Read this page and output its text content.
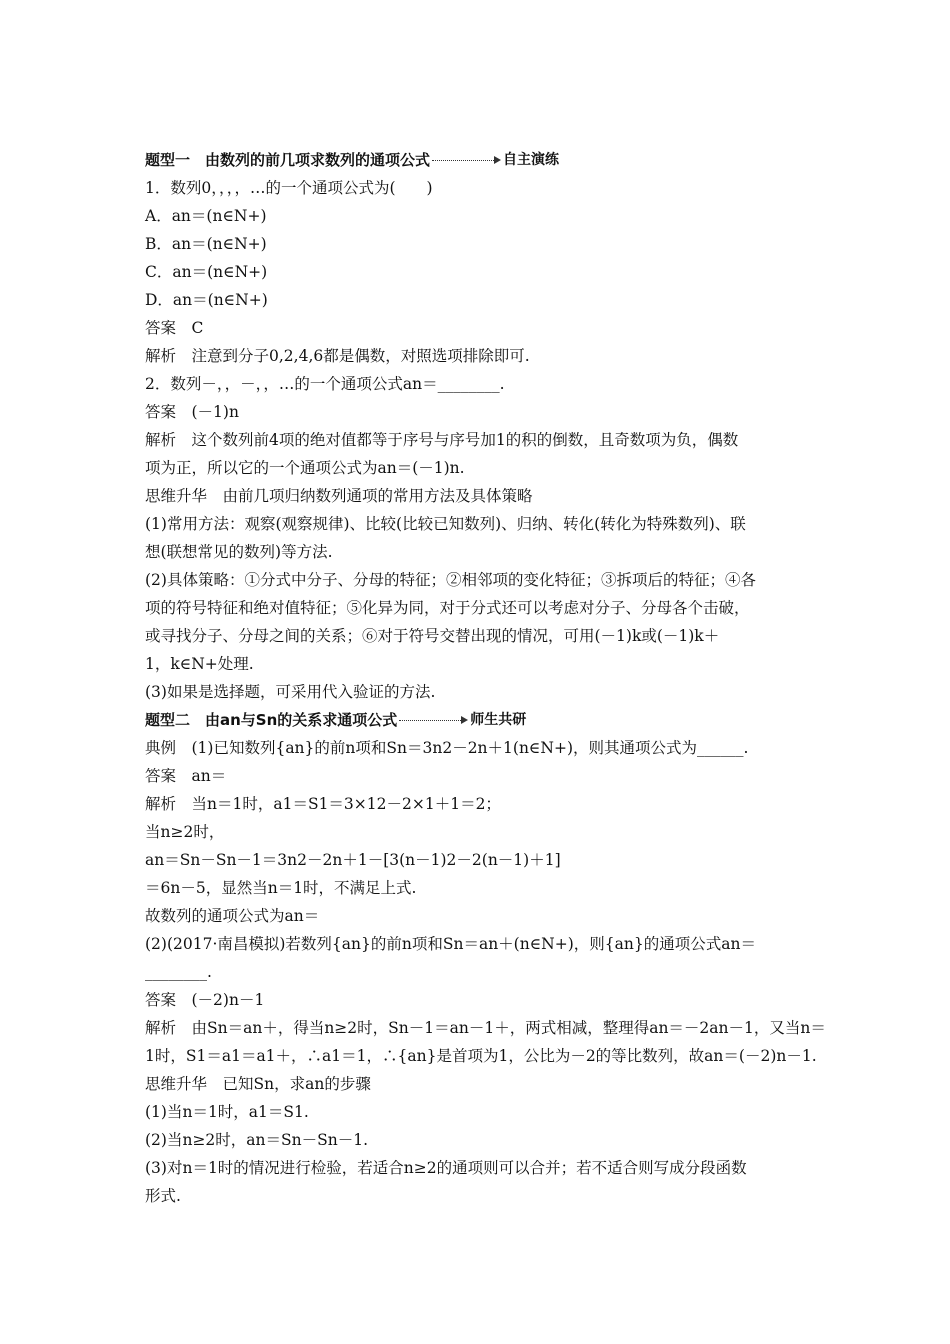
题型一　由数列的前几项求数列的通项公式	自主演练
1．数列0，，，，…的一个通项公式为(　　)
A．an＝(n∈N+)
B．an＝(n∈N+)
C．an＝(n∈N+)
D．an＝(n∈N+)
答案　C
解析　注意到分子0,2,4,6都是偶数，对照选项排除即可.
2．数列－，，－，，…的一个通项公式an＝________.
答案　(－1)n
解析　这个数列前4项的绝对值都等于序号与序号加1的积的倒数，且奇数项为负，偶数
项为正，所以它的一个通项公式为an＝(－1)n.
思维升华　由前几项归纳数列通项的常用方法及具体策略
(1)常用方法：观察(观察规律)、比较(比较已知数列)、归纳、转化(转化为特殊数列)、联
想(联想常见的数列)等方法.
(2)具体策略：①分式中分子、分母的特征；②相邻项的变化特征；③拆项后的特征；④各
项的符号特征和绝对值特征；⑤化异为同，对于分式还可以考虑对分子、分母各个击破，
或寻找分子、分母之间的关系；⑥对于符号交替出现的情况，可用(－1)k或(－1)k＋
1，k∈N+处理.
(3)如果是选择题，可采用代入验证的方法.
题型二　由an与Sn的关系求通项公式	师生共研
典例　(1)已知数列{an}的前n项和Sn＝3n2－2n＋1(n∈N+)，则其通项公式为______.
答案　an＝
解析　当n＝1时，a1＝S1＝3×12－2×1＋1＝2；
当n≥2时，
an＝Sn－Sn－1＝3n2－2n＋1－[3(n－1)2－2(n－1)＋1]
＝6n－5，显然当n＝1时，不满足上式.
故数列的通项公式为an＝
(2)(2017·南昌模拟)若数列{an}的前n项和Sn＝an＋(n∈N+)，则{an}的通项公式an＝
________.
答案　(－2)n－1
解析　由Sn＝an＋，得当n≥2时，Sn－1＝an－1＋，两式相减，整理得an＝－2an－1，又当n＝
1时，S1＝a1＝a1＋，∴a1＝1，∴{an}是首项为1，公比为－2的等比数列，故an＝(－2)n－1.
思维升华　已知Sn，求an的步骤
(1)当n＝1时，a1＝S1.
(2)当n≥2时，an＝Sn－Sn－1.
(3)对n＝1时的情况进行检验，若适合n≥2的通项则可以合并；若不适合则写成分段函数
形式.
